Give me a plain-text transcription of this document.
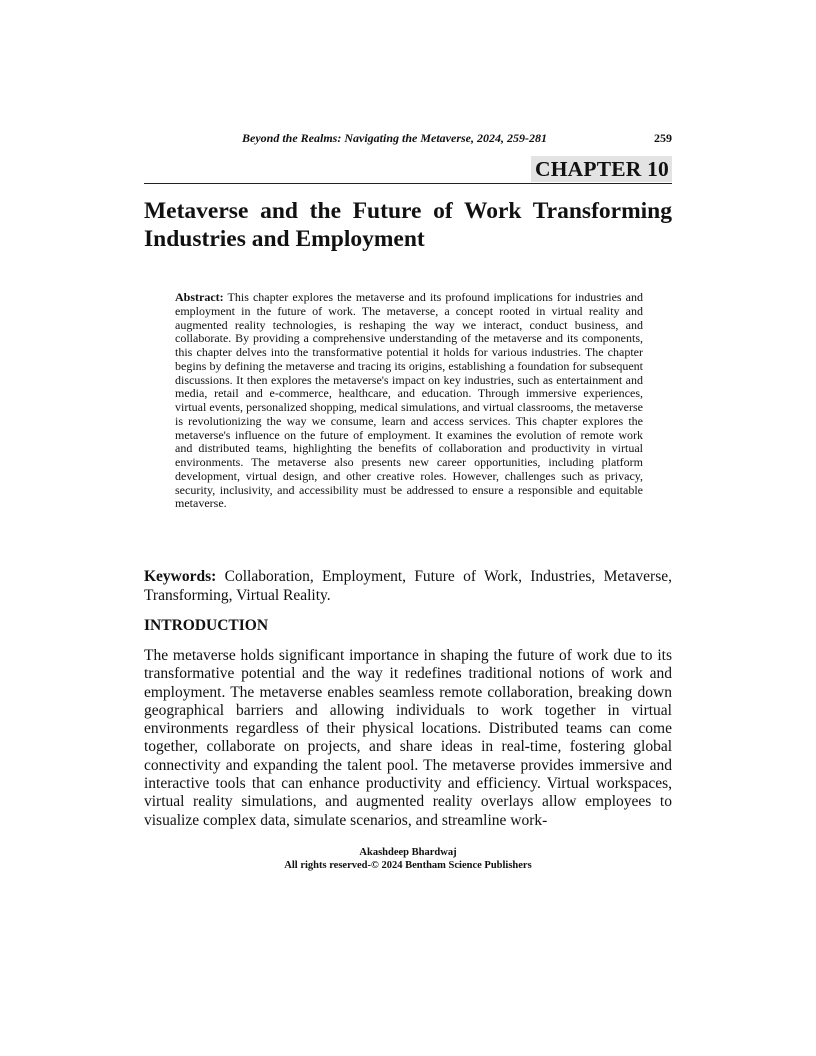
Beyond the Realms: Navigating the Metaverse, 2024, 259-281	259
CHAPTER 10
Metaverse and the Future of Work Transforming Industries and Employment

Abstract: This chapter explores the metaverse and its profound implications for industries and employment in the future of work. The metaverse, a concept rooted in virtual reality and augmented reality technologies, is reshaping the way we interact, conduct business, and collaborate. By providing a comprehensive understanding of the metaverse and its components, this chapter delves into the transformative potential it holds for various industries. The chapter begins by defining the metaverse and tracing its origins, establishing a foundation for subsequent discussions. It then explores the metaverse's impact on key industries, such as entertainment and media, retail and e-commerce, healthcare, and education. Through immersive experiences, virtual events, personalized shopping, medical simulations, and virtual classrooms, the metaverse is revolutionizing the way we consume, learn and access services. This chapter explores the metaverse's influence on the future of employment. It examines the evolution of remote work and distributed teams, highlighting the benefits of collaboration and productivity in virtual environments. The metaverse also presents new career opportunities, including platform development, virtual design, and other creative roles. However, challenges such as privacy, security, inclusivity, and accessibility must be addressed to ensure a responsible and equitable metaverse.

Keywords: Collaboration, Employment, Future of Work, Industries, Metaverse, Transforming, Virtual Reality.

INTRODUCTION

The metaverse holds significant importance in shaping the future of work due to its transformative potential and the way it redefines traditional notions of work and employment. The metaverse enables seamless remote collaboration, breaking down geographical barriers and allowing individuals to work together in virtual environments regardless of their physical locations. Distributed teams can come together, collaborate on projects, and share ideas in real-time, fostering global connectivity and expanding the talent pool. The metaverse provides immersive and interactive tools that can enhance productivity and efficiency. Virtual workspaces, virtual reality simulations, and augmented reality overlays allow employees to visualize complex data, simulate scenarios, and streamline work-

Akashdeep Bhardwaj
All rights reserved-© 2024 Bentham Science Publishers
